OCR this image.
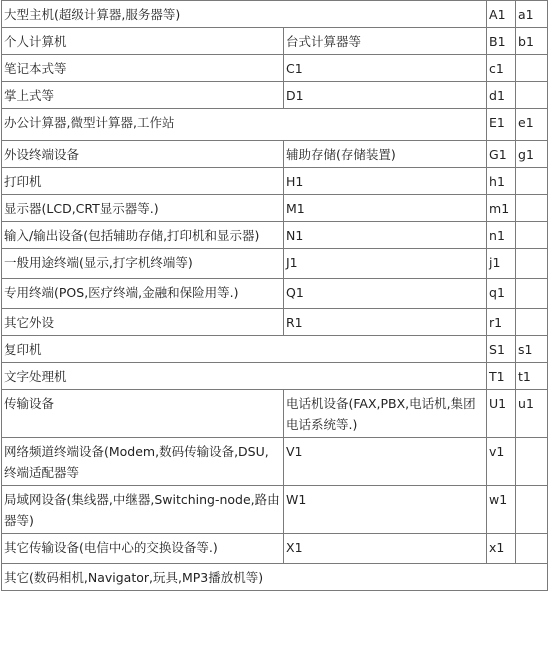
大型主机(超级计算器,服务器等)		A1	a1
个人计算机	台式计算器等	B1	b1
笔记本式等	C1	c1	
掌上式等	D1	d1	
办公计算器,微型计算器,工作站		E1	e1
外设终端设备	辅助存储(存储装置)	G1	g1
打印机	H1	h1	
显示器(LCD,CRT显示器等.)	M1	m1	
输入/输出设备(包括辅助存储,打印机和显示器)	N1	n1	
一般用途终端(显示,打字机终端等)	J1	j1	
专用终端(POS,医疗终端,金融和保险用等.)	Q1	q1	
其它外设	R1	r1	
复印机		S1	s1
文字处理机		T1	t1
传输设备	电话机设备(FAX,PBX,电话机,集团电话系统等.)	U1	u1
网络频道终端设备(Modem,数码传输设备,DSU,终端适配器等	V1	v1	
局域网设备(集线器,中继器,Switching-node,路由器等)	W1	w1	
其它传输设备(电信中心的交换设备等.)	X1	x1	
其它(数码相机,Navigator,玩具,MP3播放机等)			
